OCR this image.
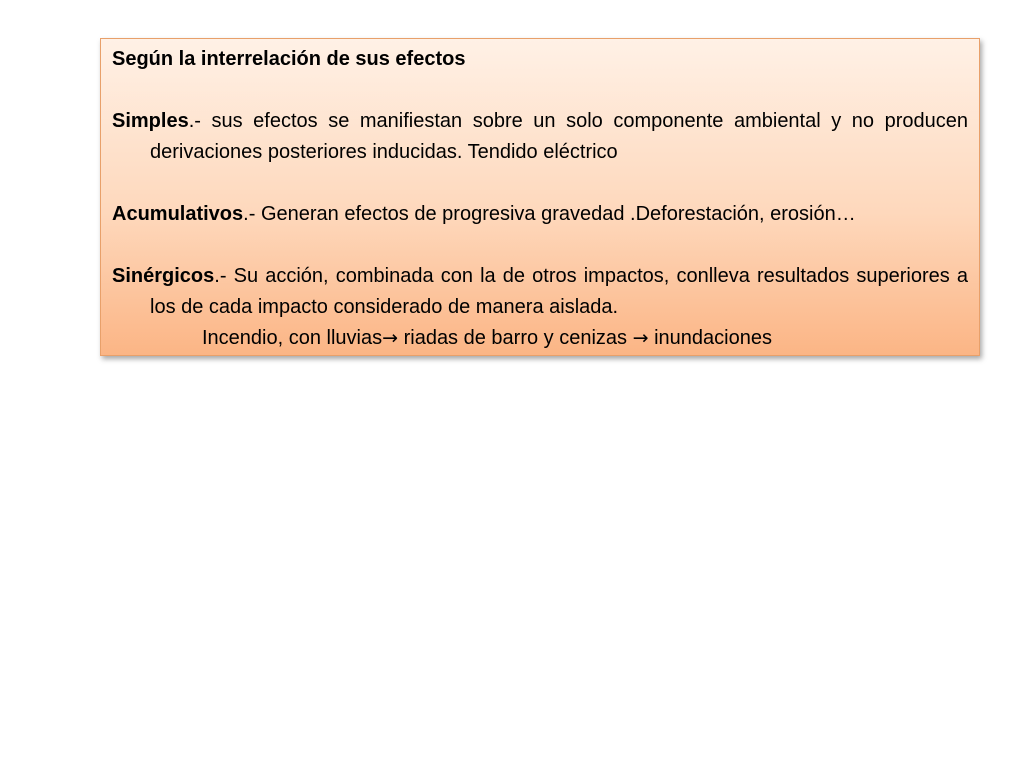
Según la interrelación de sus efectos

Simples.- sus efectos se manifiestan sobre un solo componente ambiental y no producen derivaciones posteriores inducidas. Tendido eléctrico

Acumulativos.- Generan efectos de progresiva gravedad .Deforestación, erosión…

Sinérgicos.- Su acción, combinada con la de otros impactos, conlleva resultados superiores a los de cada impacto considerado de manera aislada.

Incendio, con lluvias→ riadas de barro y cenizas → inundaciones
